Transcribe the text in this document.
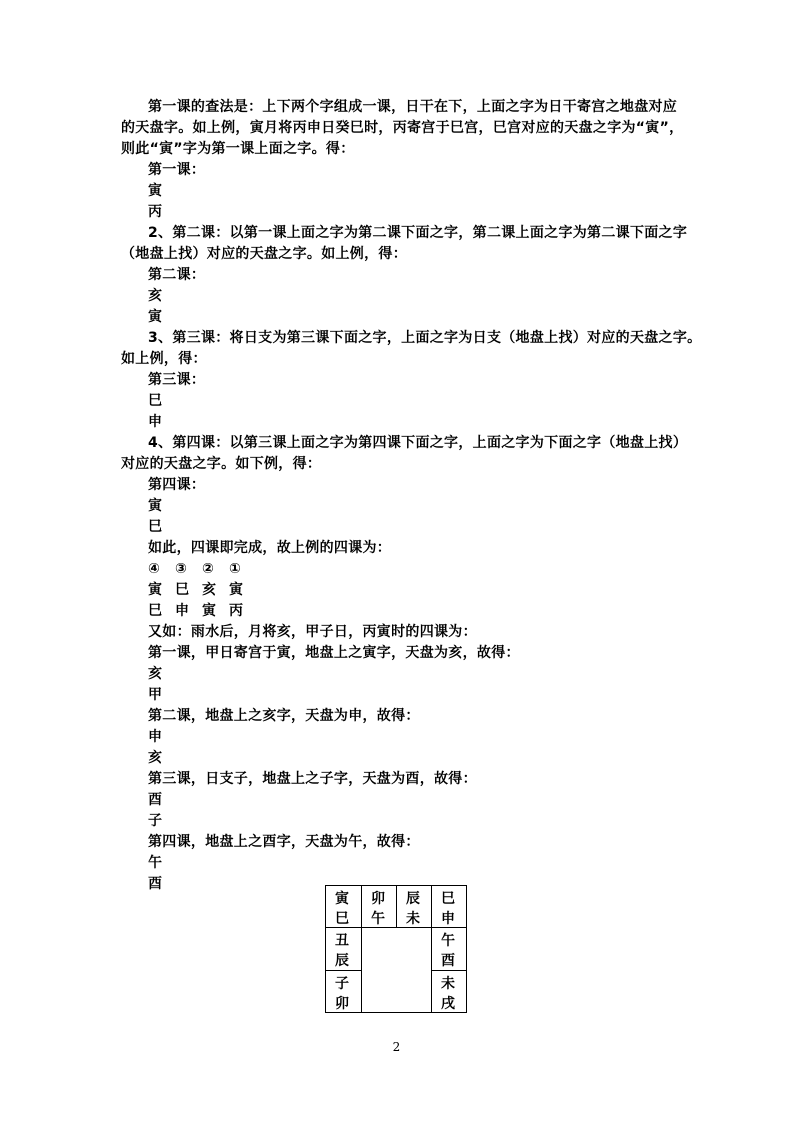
第一课的查法是：上下两个字组成一课，日干在下，上面之字为日干寄宫之地盘对应
的天盘字。如上例，寅月将丙申日癸巳时，丙寄宫于巳宫，巳宫对应的天盘之字为“寅”，
则此“寅”字为第一课上面之字。得：
第一课：
寅
丙
2、第二课：以第一课上面之字为第二课下面之字，第二课上面之字为第二课下面之字
（地盘上找）对应的天盘之字。如上例，得：
第二课：
亥
寅
3、第三课：将日支为第三课下面之字，上面之字为日支（地盘上找）对应的天盘之字。
如上例，得：
第三课：
巳
申
4、第四课：以第三课上面之字为第四课下面之字，上面之字为下面之字（地盘上找）
对应的天盘之字。如下例，得：
第四课：
寅
巳
如此，四课即完成，故上例的四课为：
④ ③ ② ①
寅 巳 亥 寅
巳 申 寅 丙
又如：雨水后，月将亥，甲子日，丙寅时的四课为：
第一课，甲日寄宫于寅，地盘上之寅字，天盘为亥，故得：
亥
甲
第二课，地盘上之亥字，天盘为申，故得：
申
亥
第三课，日支子，地盘上之子字，天盘为酉，故得：
酉
子
第四课，地盘上之酉字，天盘为午，故得：
午
酉
寅
巳
卯
午
辰
未
巳
申
午
酉
未
戌
丑
辰
子
卯
2
